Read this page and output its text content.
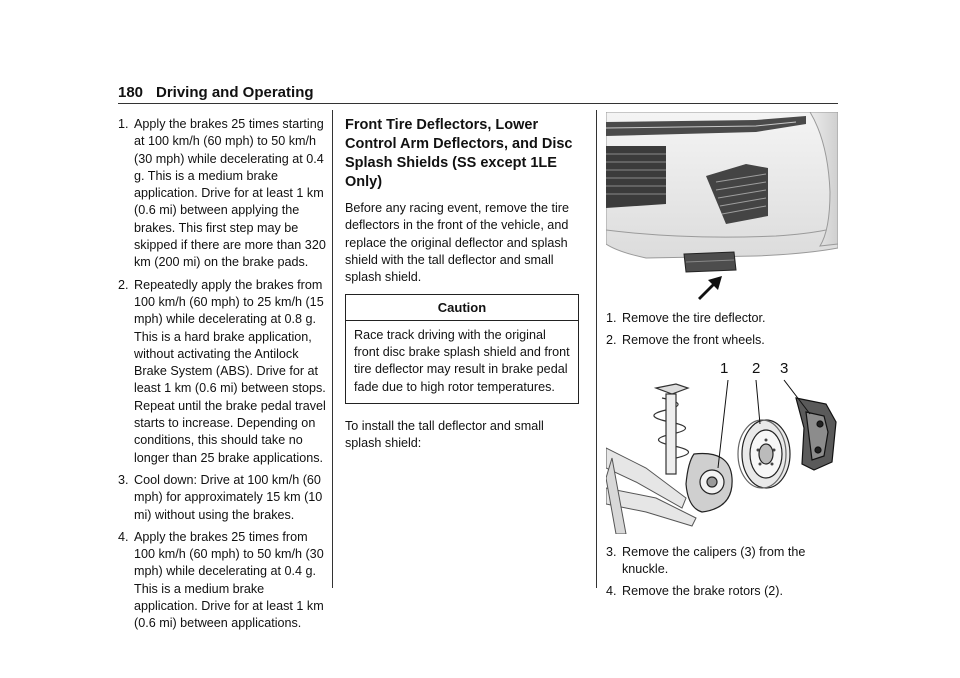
180 Driving and Operating
1. Apply the brakes 25 times starting at 100 km/h (60 mph) to 50 km/h (30 mph) while decelerating at 0.4 g. This is a medium brake application. Drive for at least 1 km (0.6 mi) between applying the brakes. This first step may be skipped if there are more than 320 km (200 mi) on the brake pads.
2. Repeatedly apply the brakes from 100 km/h (60 mph) to 25 km/h (15 mph) while decelerating at 0.8 g. This is a hard brake application, without activating the Antilock Brake System (ABS). Drive for at least 1 km (0.6 mi) between stops. Repeat until the brake pedal travel starts to increase. Depending on conditions, this should take no longer than 25 brake applications.
3. Cool down: Drive at 100 km/h (60 mph) for approximately 15 km (10 mi) without using the brakes.
4. Apply the brakes 25 times from 100 km/h (60 mph) to 50 km/h (30 mph) while decelerating at 0.4 g. This is a medium brake application. Drive for at least 1 km (0.6 mi) between applications.
Front Tire Deflectors, Lower Control Arm Deflectors, and Disc Splash Shields (SS except 1LE Only)
Before any racing event, remove the tire deflectors in the front of the vehicle, and replace the original deflector and splash shield with the tall deflector and small splash shield.
Caution
Race track driving with the original front disc brake splash shield and front tire deflector may result in brake pedal fade due to high rotor temperatures.
To install the tall deflector and small splash shield:
1. Remove the tire deflector.
2. Remove the front wheels.
1 2 3
3. Remove the calipers (3) from the knuckle.
4. Remove the brake rotors (2).
